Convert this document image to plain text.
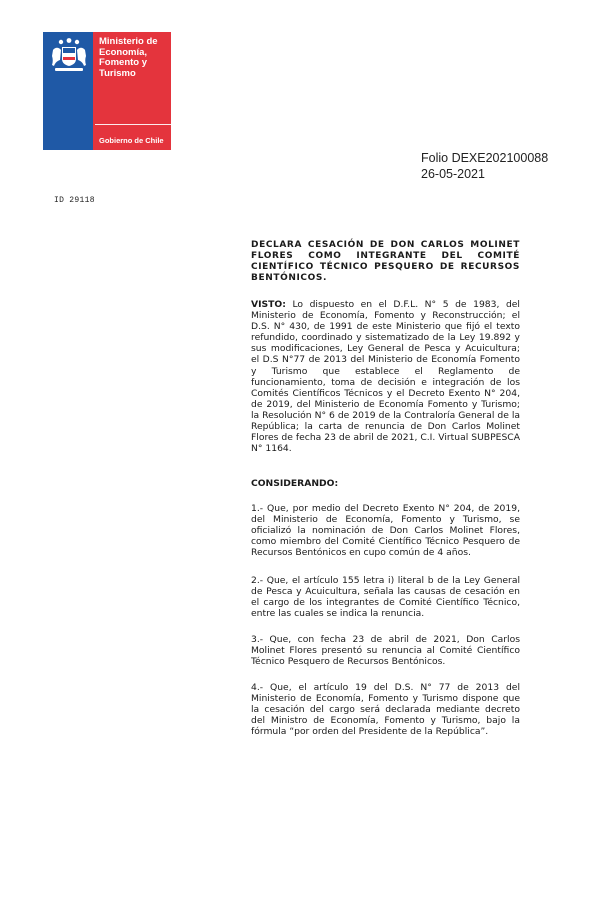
Ministerio de
Economía,
Fomento y
Turismo
Gobierno de Chile
Folio DEXE202100088
26-05-2021
ID 29118
DECLARA CESACIÓN DE DON CARLOS MOLINET FLORES COMO INTEGRANTE DEL COMITÉ CIENTÍFICO TÉCNICO PESQUERO DE RECURSOS BENTÓNICOS.
VISTO: Lo dispuesto en el D.F.L. N° 5 de 1983, del Ministerio de Economía, Fomento y Reconstrucción; el D.S. N° 430, de 1991 de este Ministerio que fijó el texto refundido, coordinado y sistematizado de la Ley 19.892 y sus modificaciones, Ley General de Pesca y Acuicultura; el D.S N°77 de 2013 del Ministerio de Economía Fomento y Turismo que establece el Reglamento de funcionamiento, toma de decisión e integración de los Comités Científicos Técnicos y el Decreto Exento N° 204, de 2019, del Ministerio de Economía Fomento y Turismo; la Resolución N° 6 de 2019 de la Contraloría General de la República; la carta de renuncia de Don Carlos Molinet Flores de fecha 23 de abril de 2021, C.I. Virtual SUBPESCA N° 1164.
CONSIDERANDO:
1.- Que, por medio del Decreto Exento N° 204, de 2019, del Ministerio de Economía, Fomento y Turismo, se oficializó la nominación de Don Carlos Molinet Flores, como miembro del Comité Científico Técnico Pesquero de Recursos Bentónicos en cupo común de 4 años.
2.- Que, el artículo 155 letra i) literal b de la Ley General de Pesca y Acuicultura, señala las causas de cesación en el cargo de los integrantes de Comité Científico Técnico, entre las cuales se indica la renuncia.
3.- Que, con fecha 23 de abril de 2021, Don Carlos Molinet Flores presentó su renuncia al Comité Científico Técnico Pesquero de Recursos Bentónicos.
4.- Que, el artículo 19 del D.S. N° 77 de 2013 del Ministerio de Economía, Fomento y Turismo dispone que la cesación del cargo será declarada mediante decreto del Ministro de Economía, Fomento y Turismo, bajo la fórmula “por orden del Presidente de la República”.
